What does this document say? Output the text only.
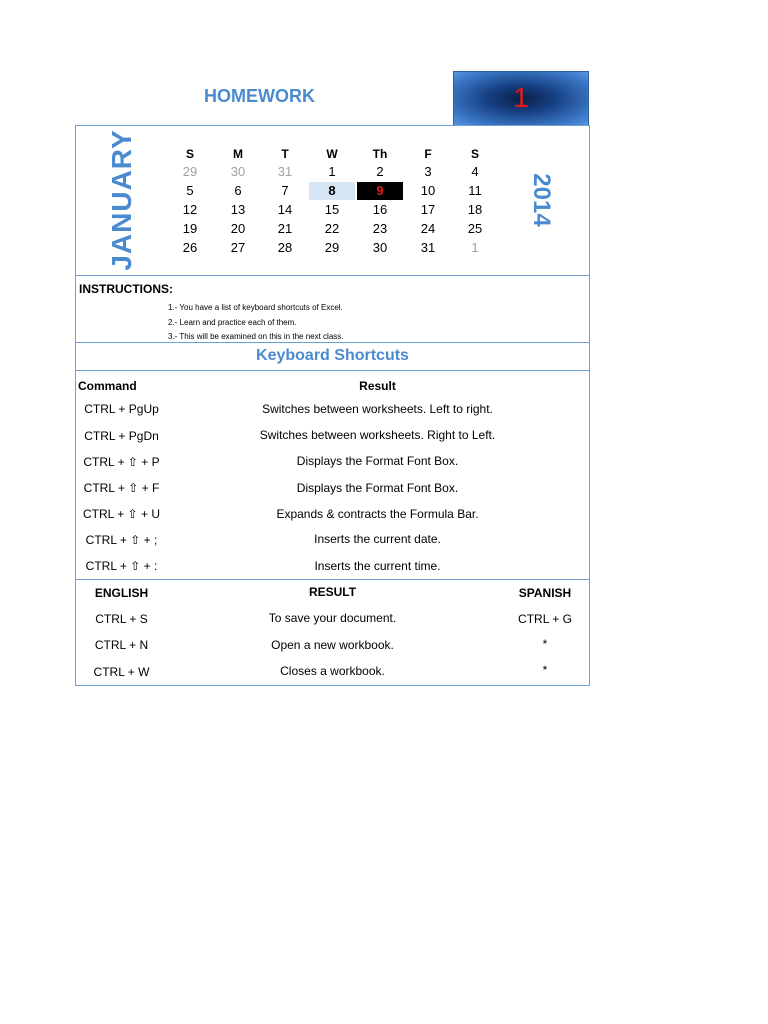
HOMEWORK	1
JANUARY	2014
S	M	T	W	Th	F	S
29	30	31	1	2	3	4
5	6	7	8	9	10	11
12	13	14	15	16	17	18
19	20	21	22	23	24	25
26	27	28	29	30	31	1
INSTRUCTIONS:
1.- You have a list of keyboard shortcuts of Excel.
2.- Learn and practice each of them.
3.- This will be examined on this in the next class.
Keyboard Shortcuts
Command	Result
CTRL + PgUp	Switches between worksheets. Left to right.
CTRL + PgDn	Switches between worksheets. Right to Left.
CTRL + ⇧ + P	Displays the Format Font Box.
CTRL + ⇧ + F	Displays the Format Font Box.
CTRL + ⇧ + U	Expands & contracts the Formula Bar.
CTRL + ⇧ + ;	Inserts the current date.
CTRL + ⇧ + :	Inserts the current time.
ENGLISH	RESULT	SPANISH
CTRL + S	To save your document.	CTRL + G
CTRL + N	Open a new workbook.	*
CTRL + W	Closes a workbook.	*
